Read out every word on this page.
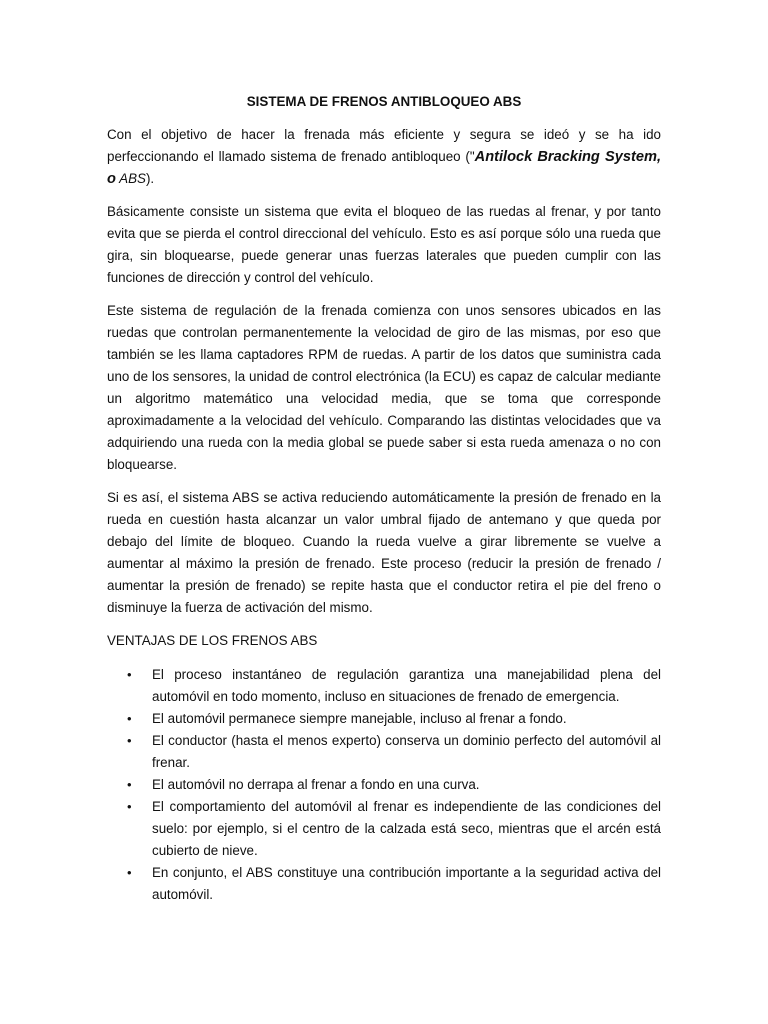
SISTEMA DE FRENOS ANTIBLOQUEO ABS

Con el objetivo de hacer la frenada más eficiente y segura se ideó y se ha ido perfeccionando el llamado sistema de frenado antibloqueo ("Antilock Bracking System, o ABS).

Básicamente consiste un sistema que evita el bloqueo de las ruedas al frenar, y por tanto evita que se pierda el control direccional del vehículo. Esto es así porque sólo una rueda que gira, sin bloquearse, puede generar unas fuerzas laterales que pueden cumplir con las funciones de dirección y control del vehículo.

Este sistema de regulación de la frenada comienza con unos sensores ubicados en las ruedas que controlan permanentemente la velocidad de giro de las mismas, por eso que también se les llama captadores RPM de ruedas. A partir de los datos que suministra cada uno de los sensores, la unidad de control electrónica (la ECU) es capaz de calcular mediante un algoritmo matemático una velocidad media, que se toma que corresponde aproximadamente a la velocidad del vehículo. Comparando las distintas velocidades que va adquiriendo una rueda con la media global se puede saber si esta rueda amenaza o no con bloquearse.

Si es así, el sistema ABS se activa reduciendo automáticamente la presión de frenado en la rueda en cuestión hasta alcanzar un valor umbral fijado de antemano y que queda por debajo del límite de bloqueo. Cuando la rueda vuelve a girar libremente se vuelve a aumentar al máximo la presión de frenado. Este proceso (reducir la presión de frenado / aumentar la presión de frenado) se repite hasta que el conductor retira el pie del freno o disminuye la fuerza de activación del mismo.

VENTAJAS DE LOS FRENOS ABS
• El proceso instantáneo de regulación garantiza una manejabilidad plena del automóvil en todo momento, incluso en situaciones de frenado de emergencia.
• El automóvil permanece siempre manejable, incluso al frenar a fondo.
• El conductor (hasta el menos experto) conserva un dominio perfecto del automóvil al frenar.
• El automóvil no derrapa al frenar a fondo en una curva.
• El comportamiento del automóvil al frenar es independiente de las condiciones del suelo: por ejemplo, si el centro de la calzada está seco, mientras que el arcén está cubierto de nieve.
• En conjunto, el ABS constituye una contribución importante a la seguridad activa del automóvil.
